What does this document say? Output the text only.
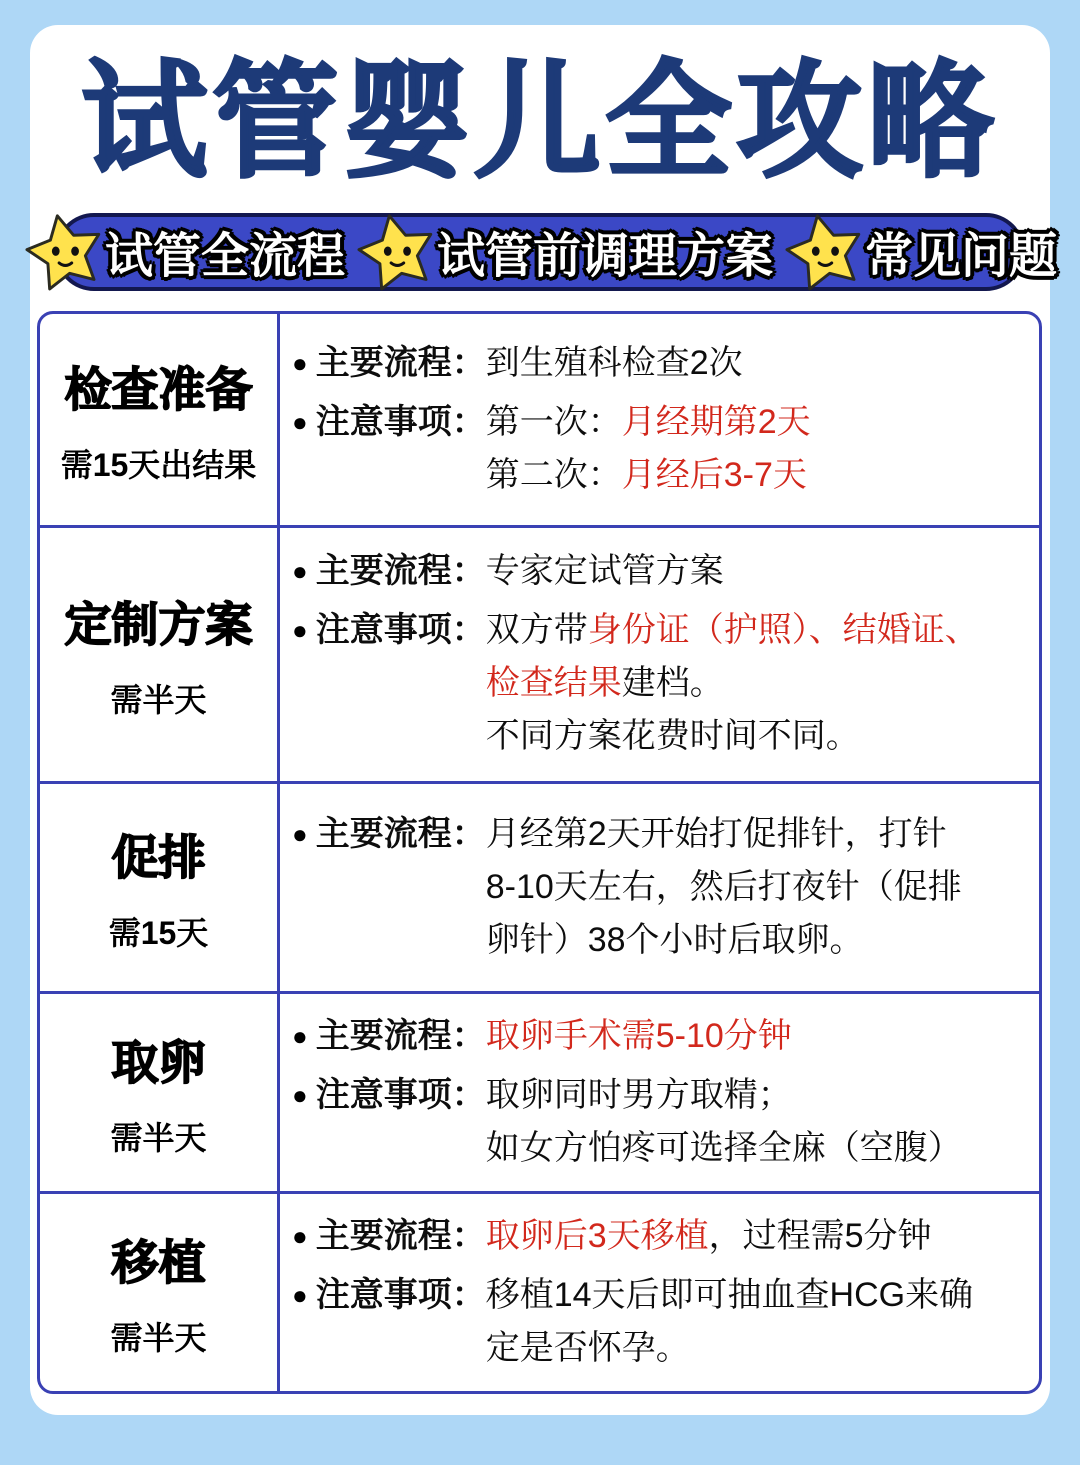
试管婴儿全攻略
试管全流程 试管前调理方案 常见问题
检查准备
需15天出结果
● 主要流程： 到生殖科检查2次
● 注意事项： 第一次：月经期第2天
第二次：月经后3-7天
定制方案
需半天
● 主要流程： 专家定试管方案
● 注意事项： 双方带身份证（护照）、结婚证、
检查结果建档。
不同方案花费时间不同。
促排
需15天
● 主要流程： 月经第2天开始打促排针，打针
8-10天左右，然后打夜针（促排
卵针）38个小时后取卵。
取卵
需半天
● 主要流程： 取卵手术需5-10分钟
● 注意事项： 取卵同时男方取精；
如女方怕疼可选择全麻（空腹）
移植
需半天
● 主要流程： 取卵后3天移植，过程需5分钟
● 注意事项： 移植14天后即可抽血查HCG来确
定是否怀孕。
